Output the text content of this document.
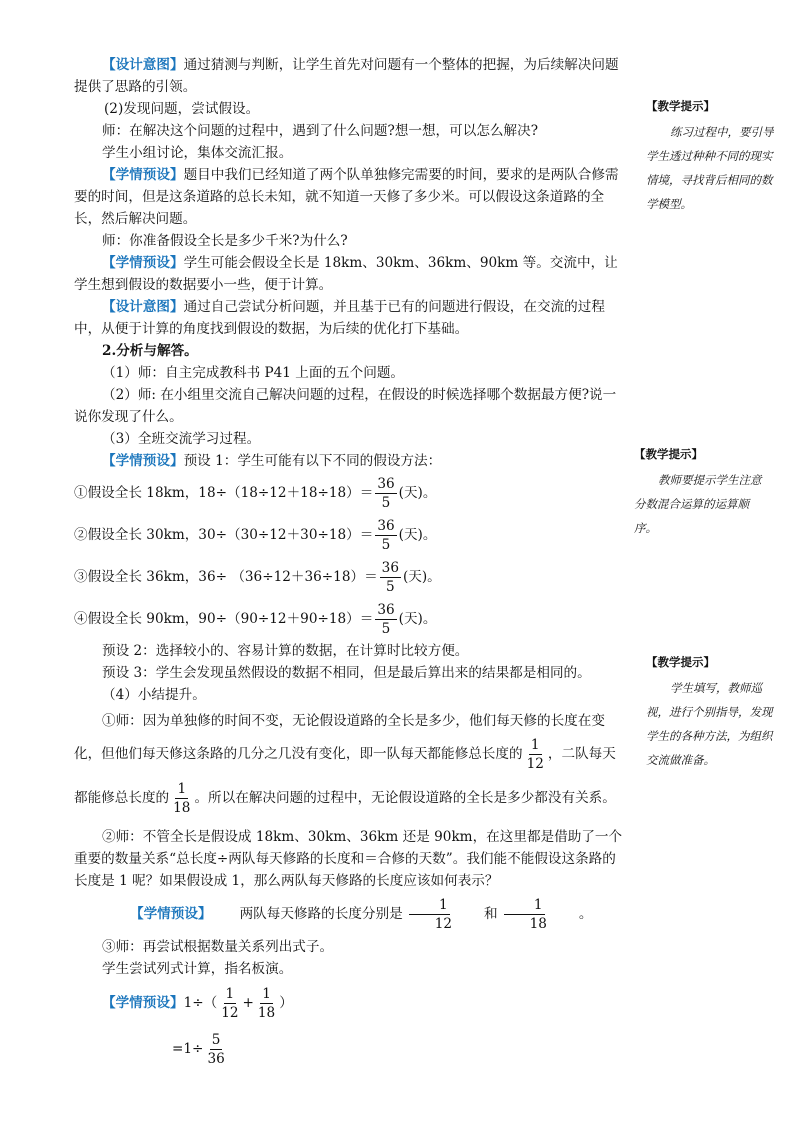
【设计意图】通过猜测与判断，让学生首先对问题有一个整体的把握，为后续解决问题提供了思路的引领。

(2)发现问题，尝试假设。

师：在解决这个问题的过程中，遇到了什么问题?想一想，可以怎么解决?

学生小组讨论，集体交流汇报。

【学情预设】题目中我们已经知道了两个队单独修完需要的时间，要求的是两队合修需要的时间，但是这条道路的总长未知，就不知道一天修了多少米。可以假设这条道路的全长，然后解决问题。

师：你准备假设全长是多少千米?为什么?

【学情预设】学生可能会假设全长是 18km、30km、36km、90km 等。交流中，让学生想到假设的数据要小一些，便于计算。

【设计意图】通过自己尝试分析问题，并且基于已有的问题进行假设，在交流的过程中，从便于计算的角度找到假设的数据，为后续的优化打下基础。

2.分析与解答。

（1）师：自主完成教科书 P41 上面的五个问题。

（2）师: 在小组里交流自己解决问题的过程，在假设的时候选择哪个数据最方便?说一说你发现了什么。

（3）全班交流学习过程。

【学情预设】预设 1：学生可能有以下不同的假设方法：

①假设全长 18km，$18\div(18\div 12+18\div 18)= \frac{36}{5}$ (天)。
②假设全长 30km，$30\div(30\div 12+30\div 18)= \frac{36}{5}$ (天)。
③假设全长 36km，$36\div (36\div 12+36\div 18)= \frac{36}{5}$ (天)。
④假设全长 90km，$90\div(90\div 12+90\div 18)= \frac{36}{5}$ (天)。

预设 2：选择较小的、容易计算的数据，在计算时比较方便。

预设 3：学生会发现虽然假设的数据不相同，但是最后算出来的结果都是相同的。

（4）小结提升。

①师：因为单独修的时间不变，无论假设道路的全长是多少，他们每天修的长度在变

化，但他们每天修这条路的几分之几没有变化，即一队每天都能修总长度的 $\frac{1}{12}$ ，二队每天
都能修总长度的 $\frac{1}{18}$ 。所以在解决问题的过程中，无论假设道路的全长是多少都没有关系。

②师：不管全长是假设成 18km、30km、36km 还是 90km，在这里都是借助了一个重要的数量关系“总长度÷两队每天修路的长度和＝合修的天数”。我们能不能假设这条路的长度是 1 呢？如果假设成 1，那么两队每天修路的长度应该如何表示？

【学情预设】	两队每天修路的长度分别是 $\frac{1}{12}$	和 $\frac{1}{18}$	。

③师：再尝试根据数量关系列出式子。

学生尝试列式计算，指名板演。

【学情预设】 $1\div( \frac{1}{12} + \frac{1}{18}$ ）
$=1\div \frac{5}{36}$
【教学提示】

练习过程中，要引导学生透过种种不同的现实情境，寻找背后相同的数学模型。

【教学提示】

教师要提示学生注意分数混合运算的运算顺序。

【教学提示】

学生填写，教师巡视，进行个别指导，发现学生的各种方法，为组织交流做准备。
